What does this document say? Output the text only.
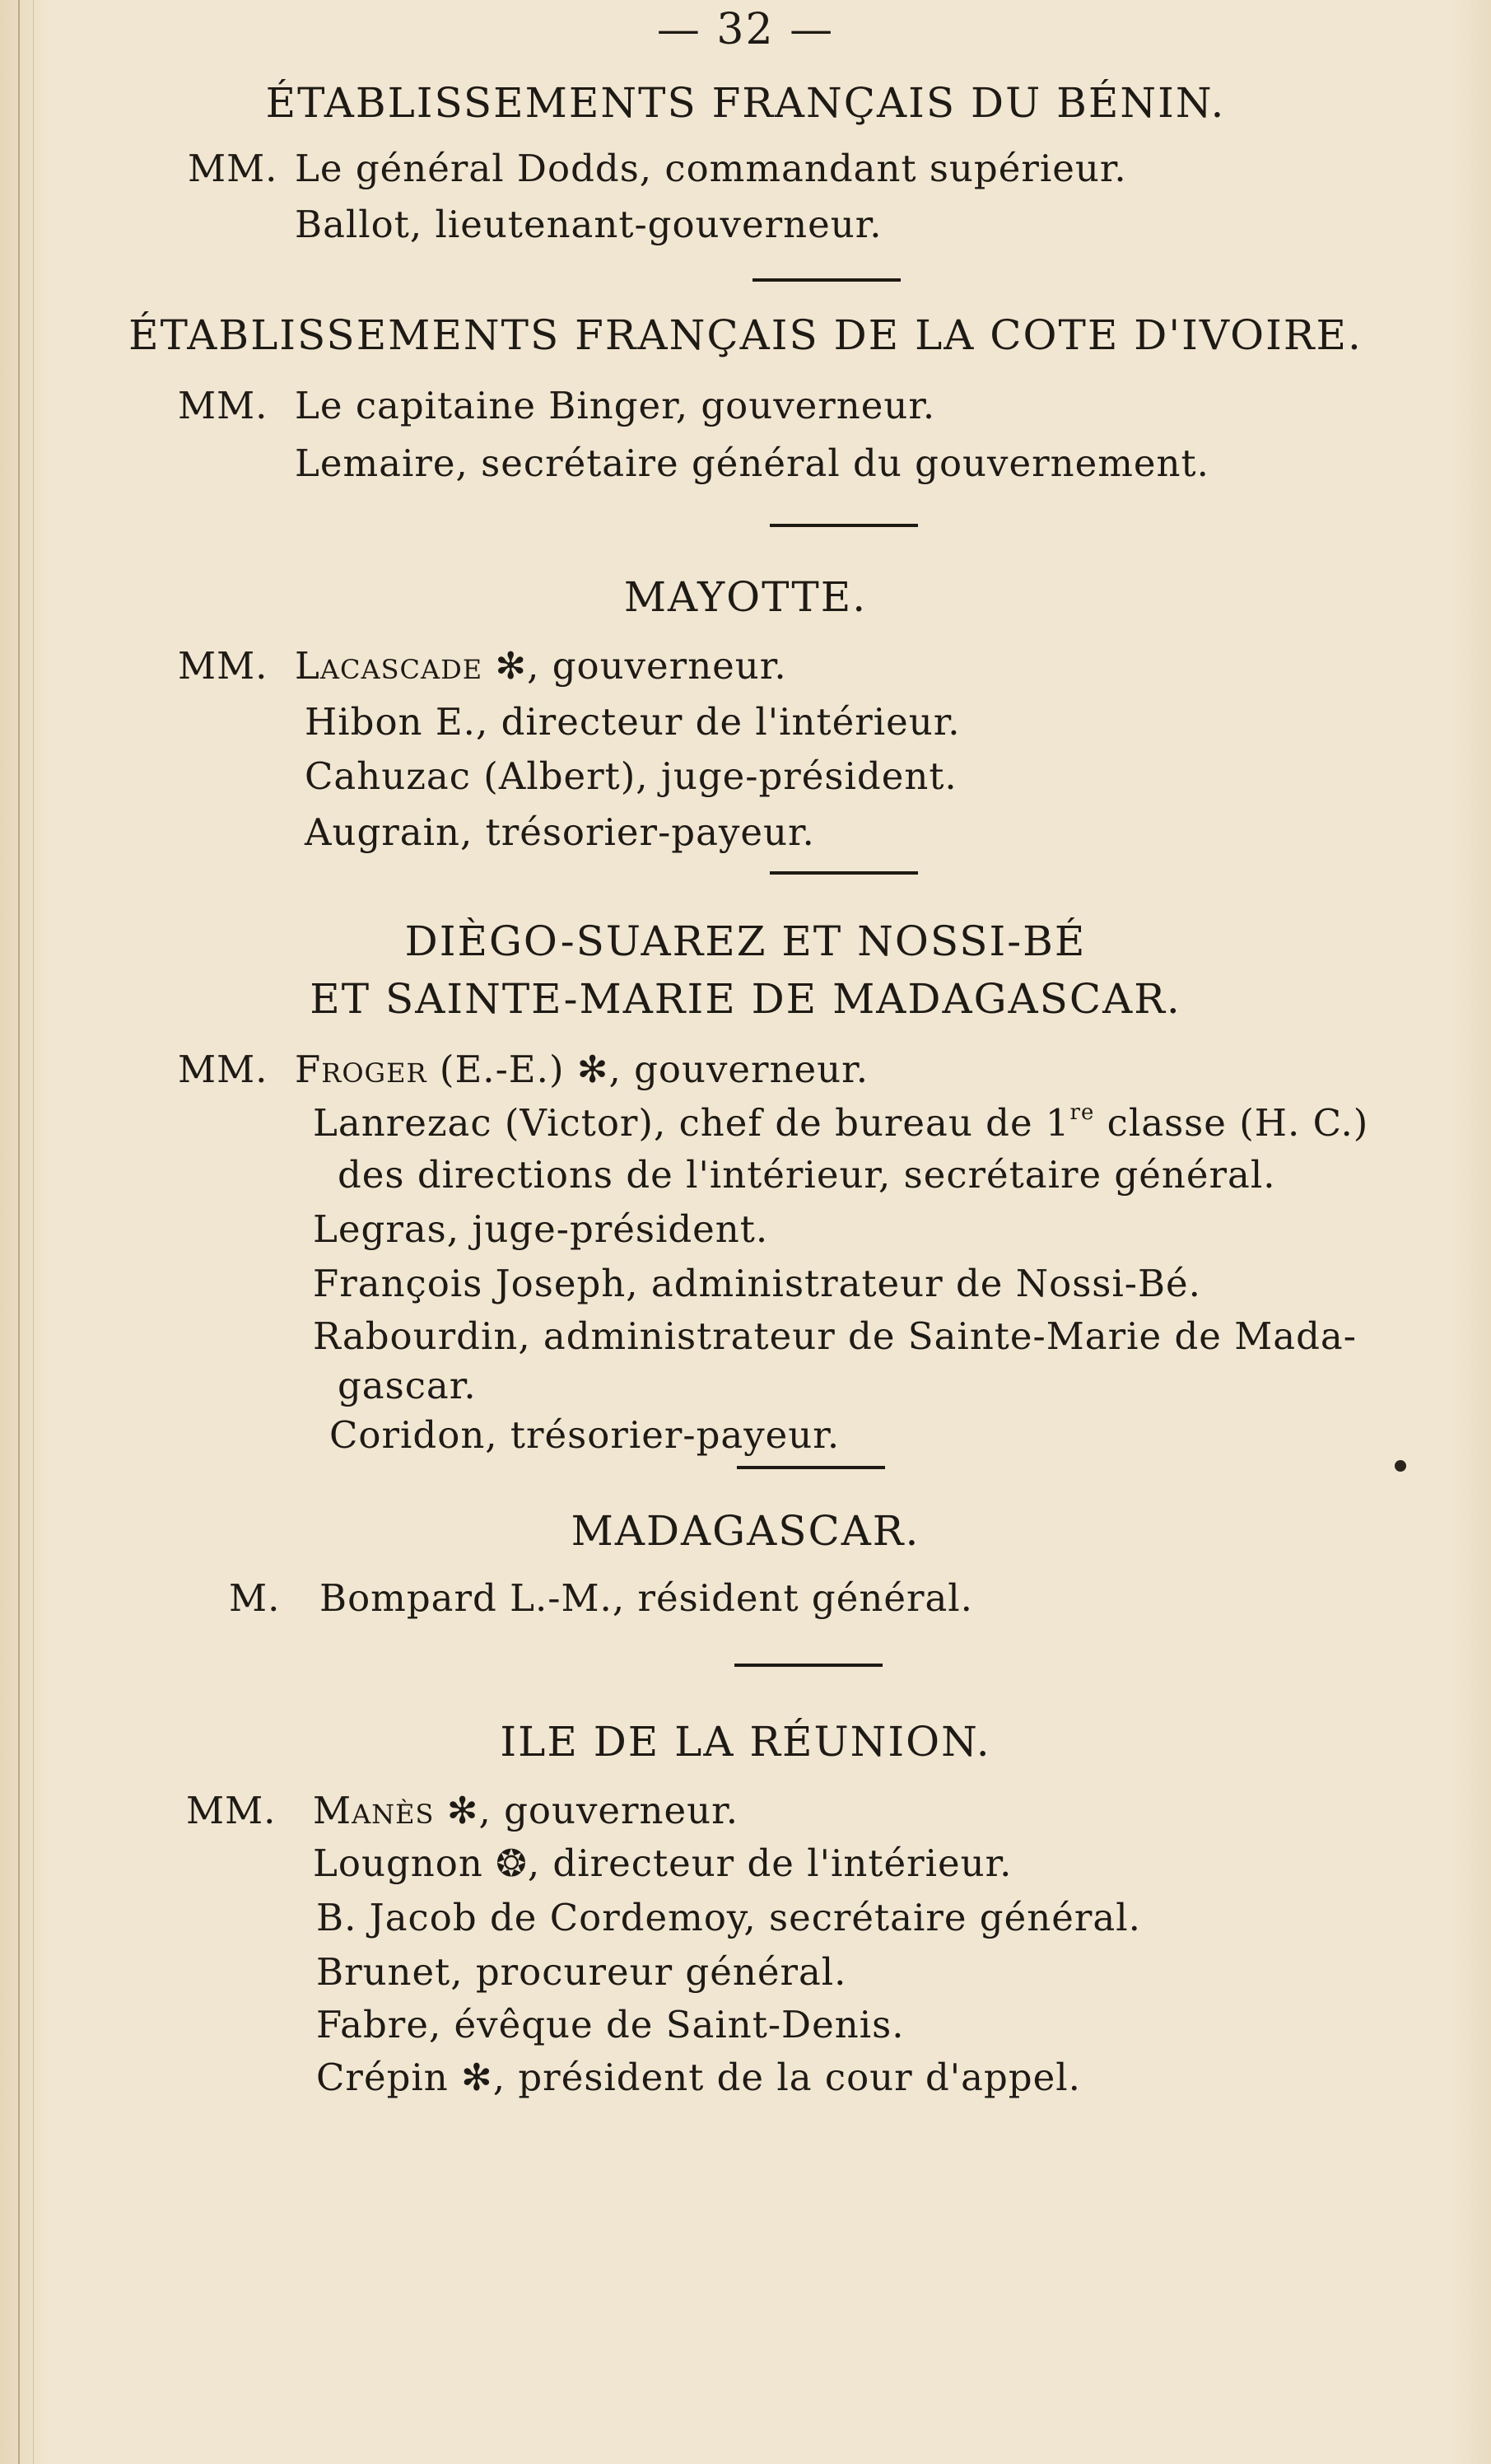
— 32 —
ÉTABLISSEMENTS FRANÇAIS DU BÉNIN.
MM. Le général Dodds, commandant supérieur.
Ballot, lieutenant-gouverneur.
ÉTABLISSEMENTS FRANÇAIS DE LA COTE D'IVOIRE.
MM. Le capitaine Binger, gouverneur.
Lemaire, secrétaire général du gouvernement.
MAYOTTE.
MM. Lacascade ✻, gouverneur.
Hibon E., directeur de l'intérieur.
Cahuzac (Albert), juge-président.
Augrain, trésorier-payeur.
DIÈGO-SUAREZ ET NOSSI-BÉ
ET SAINTE-MARIE DE MADAGASCAR.
MM. Froger (E.-E.) ✻, gouverneur.
Lanrezac (Victor), chef de bureau de 1re classe (H. C.)
des directions de l'intérieur, secrétaire général.
Legras, juge-président.
François Joseph, administrateur de Nossi-Bé.
Rabourdin, administrateur de Sainte-Marie de Mada-
gascar.
Coridon, trésorier-payeur.
MADAGASCAR.
M. Bompard L.-M., résident général.
ILE DE LA RÉUNION.
MM. Manès ✻, gouverneur.
Lougnon ❂, directeur de l'intérieur.
B. Jacob de Cordemoy, secrétaire général.
Brunet, procureur général.
Fabre, évêque de Saint-Denis.
Crépin ✻, président de la cour d'appel.
